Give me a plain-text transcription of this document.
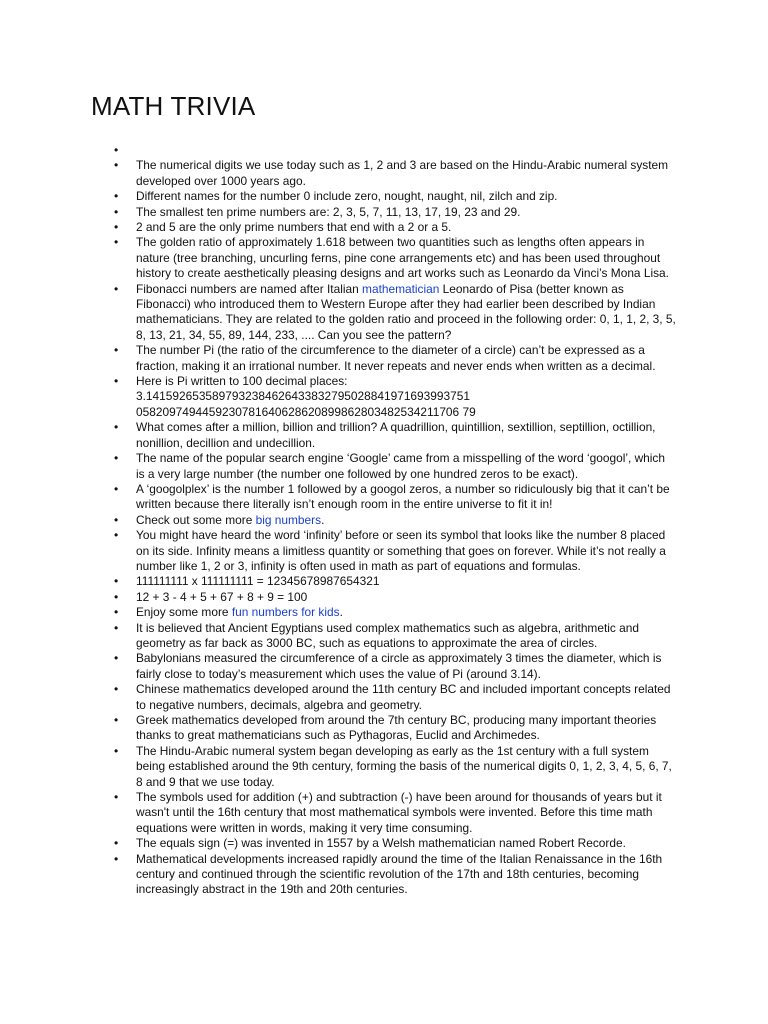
MATH TRIVIA
•
• The numerical digits we use today such as 1, 2 and 3 are based on the Hindu-Arabic numeral system developed over 1000 years ago.
• Different names for the number 0 include zero, nought, naught, nil, zilch and zip.
• The smallest ten prime numbers are: 2, 3, 5, 7, 11, 13, 17, 19, 23 and 29.
• 2 and 5 are the only prime numbers that end with a 2 or a 5.
• The golden ratio of approximately 1.618 between two quantities such as lengths often appears in nature (tree branching, uncurling ferns, pine cone arrangements etc) and has been used throughout history to create aesthetically pleasing designs and art works such as Leonardo da Vinci’s Mona Lisa.
• Fibonacci numbers are named after Italian mathematician Leonardo of Pisa (better known as Fibonacci) who introduced them to Western Europe after they had earlier been described by Indian mathematicians. They are related to the golden ratio and proceed in the following order: 0, 1, 1, 2, 3, 5, 8, 13, 21, 34, 55, 89, 144, 233, .... Can you see the pattern?
• The number Pi (the ratio of the circumference to the diameter of a circle) can’t be expressed as a fraction, making it an irrational number. It never repeats and never ends when written as a decimal.
• Here is Pi written to 100 decimal places: 3.1415926535897932384626433832795028841971693993751 0582097494459230781640628620899862803482534211706 79
• What comes after a million, billion and trillion? A quadrillion, quintillion, sextillion, septillion, octillion, nonillion, decillion and undecillion.
• The name of the popular search engine ‘Google’ came from a misspelling of the word ‘googol’, which is a very large number (the number one followed by one hundred zeros to be exact).
• A ‘googolplex’ is the number 1 followed by a googol zeros, a number so ridiculously big that it can’t be written because there literally isn’t enough room in the entire universe to fit it in!
• Check out some more big numbers.
• You might have heard the word ‘infinity’ before or seen its symbol that looks like the number 8 placed on its side. Infinity means a limitless quantity or something that goes on forever. While it’s not really a number like 1, 2 or 3, infinity is often used in math as part of equations and formulas.
• 111111111 x 111111111 = 12345678987654321
• 12 + 3 - 4 + 5 + 67 + 8 + 9 = 100
• Enjoy some more fun numbers for kids.
• It is believed that Ancient Egyptians used complex mathematics such as algebra, arithmetic and geometry as far back as 3000 BC, such as equations to approximate the area of circles.
• Babylonians measured the circumference of a circle as approximately 3 times the diameter, which is fairly close to today’s measurement which uses the value of Pi (around 3.14).
• Chinese mathematics developed around the 11th century BC and included important concepts related to negative numbers, decimals, algebra and geometry.
• Greek mathematics developed from around the 7th century BC, producing many important theories thanks to great mathematicians such as Pythagoras, Euclid and Archimedes.
• The Hindu-Arabic numeral system began developing as early as the 1st century with a full system being established around the 9th century, forming the basis of the numerical digits 0, 1, 2, 3, 4, 5, 6, 7, 8 and 9 that we use today.
• The symbols used for addition (+) and subtraction (-) have been around for thousands of years but it wasn't until the 16th century that most mathematical symbols were invented. Before this time math equations were written in words, making it very time consuming.
• The equals sign (=) was invented in 1557 by a Welsh mathematician named Robert Recorde.
• Mathematical developments increased rapidly around the time of the Italian Renaissance in the 16th century and continued through the scientific revolution of the 17th and 18th centuries, becoming increasingly abstract in the 19th and 20th centuries.
